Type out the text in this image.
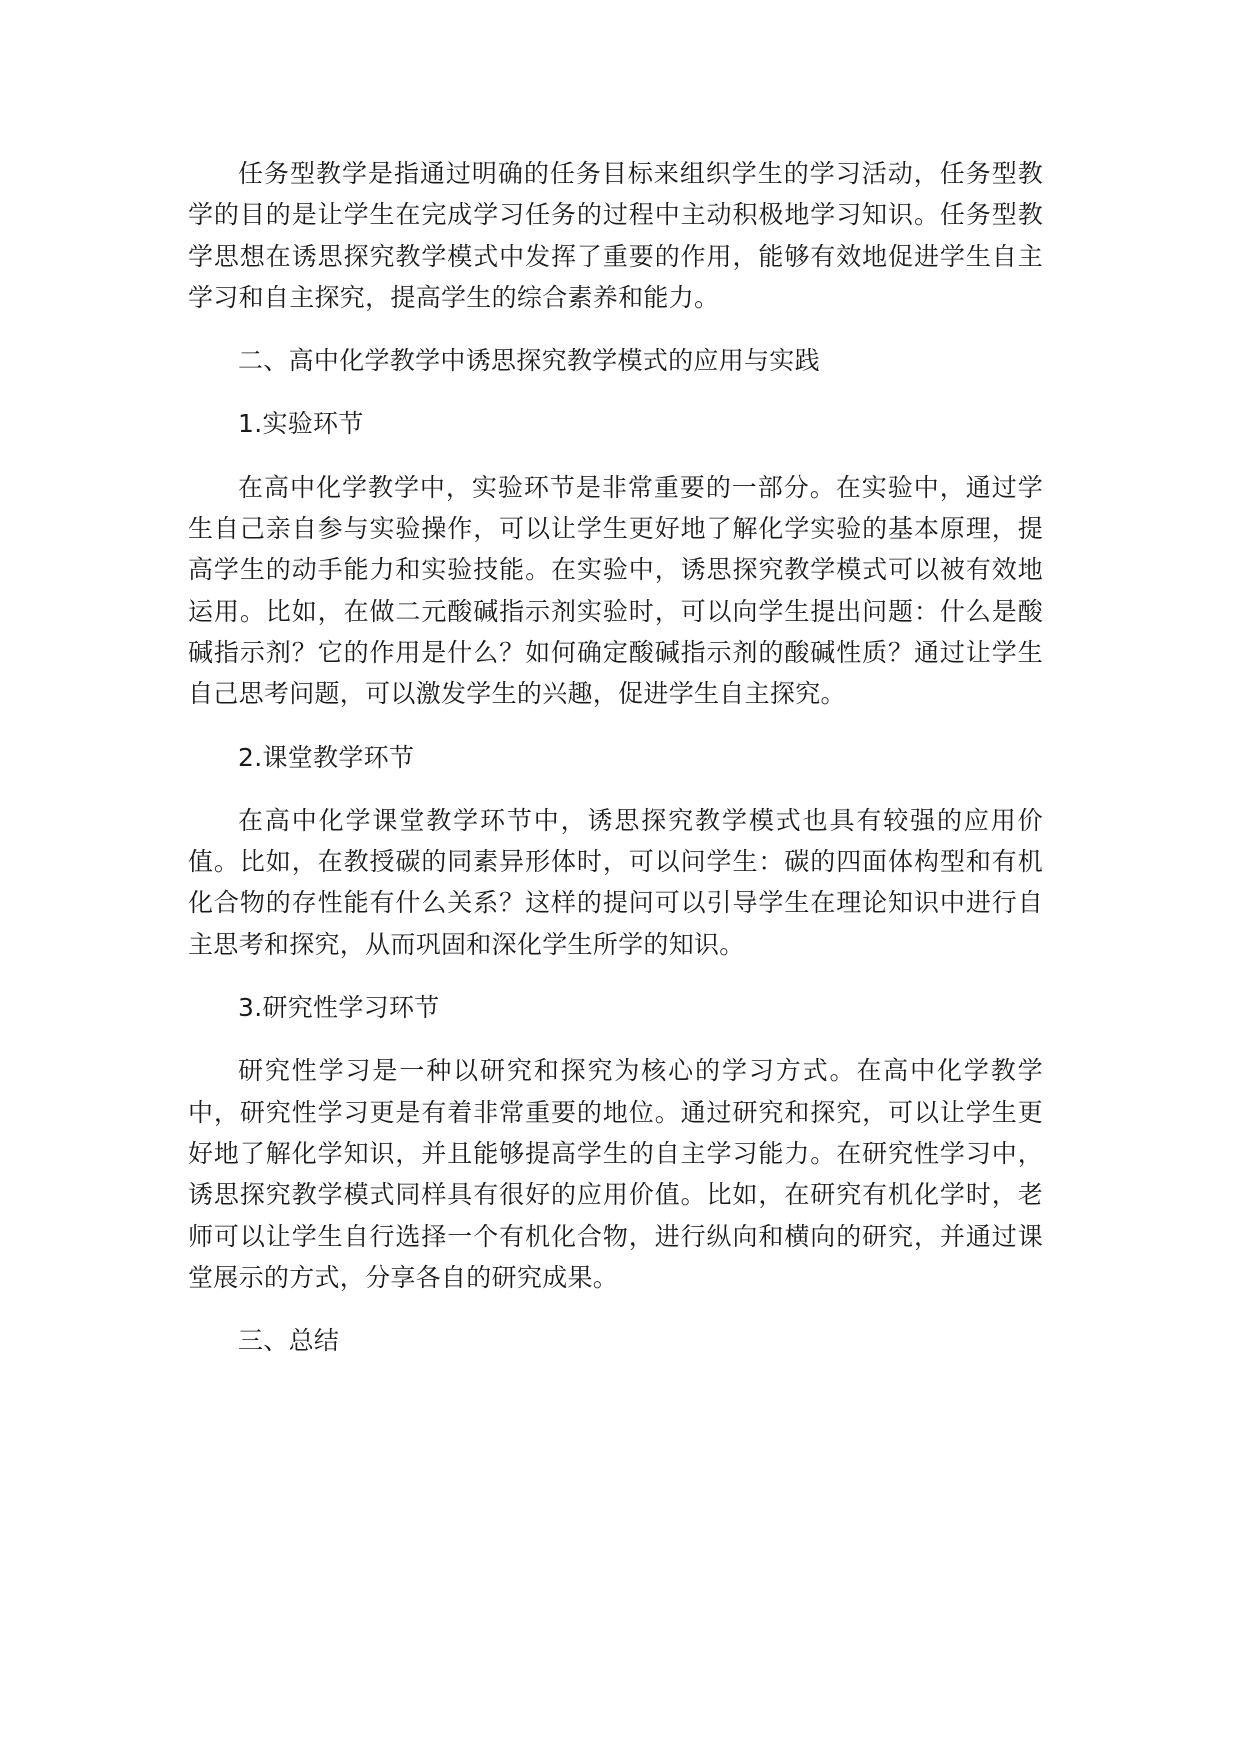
任务型教学是指通过明确的任务目标来组织学生的学习活动，任务型教学的目的是让学生在完成学习任务的过程中主动积极地学习知识。任务型教学思想在诱思探究教学模式中发挥了重要的作用，能够有效地促进学生自主学习和自主探究，提高学生的综合素养和能力。

二、高中化学教学中诱思探究教学模式的应用与实践

1.实验环节

在高中化学教学中，实验环节是非常重要的一部分。在实验中，通过学生自己亲自参与实验操作，可以让学生更好地了解化学实验的基本原理，提高学生的动手能力和实验技能。在实验中，诱思探究教学模式可以被有效地运用。比如，在做二元酸碱指示剂实验时，可以向学生提出问题：什么是酸碱指示剂？它的作用是什么？如何确定酸碱指示剂的酸碱性质？通过让学生自己思考问题，可以激发学生的兴趣，促进学生自主探究。

2.课堂教学环节

在高中化学课堂教学环节中，诱思探究教学模式也具有较强的应用价值。比如，在教授碳的同素异形体时，可以问学生：碳的四面体构型和有机化合物的存性能有什么关系？这样的提问可以引导学生在理论知识中进行自主思考和探究，从而巩固和深化学生所学的知识。

3.研究性学习环节

研究性学习是一种以研究和探究为核心的学习方式。在高中化学教学中，研究性学习更是有着非常重要的地位。通过研究和探究，可以让学生更好地了解化学知识，并且能够提高学生的自主学习能力。在研究性学习中，诱思探究教学模式同样具有很好的应用价值。比如，在研究有机化学时，老师可以让学生自行选择一个有机化合物，进行纵向和横向的研究，并通过课堂展示的方式，分享各自的研究成果。

三、总结
